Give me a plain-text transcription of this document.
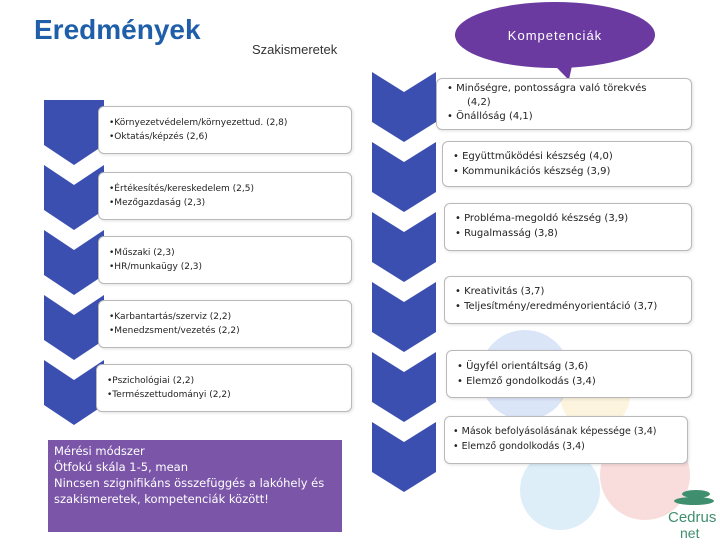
Eredmények
Szakismeretek
Kompetenciák
•Környezetvédelem/környezettud. (2,8)
•Oktatás/képzés (2,6)
•Értékesítés/kereskedelem (2,5)
•Mezőgazdaság (2,3)
•Műszaki (2,3)
•HR/munkaügy (2,3)
•Karbantartás/szerviz (2,2)
•Menedzsment/vezetés (2,2)
•Pszichológiai (2,2)
•Természettudományi (2,2)
• Minőségre, pontosságra való törekvés
(4,2)
• Önállóság (4,1)
• Együttműködési készség (4,0)
• Kommunikációs készség (3,9)
• Probléma-megoldó készség (3,9)
• Rugalmasság (3,8)
• Kreativitás (3,7)
• Teljesítmény/eredményorientáció (3,7)
• Ügyfél orientáltság (3,6)
• Elemző gondolkodás (3,4)
• Mások befolyásolásának képessége (3,4)
• Elemző gondolkodás (3,4)
Mérési módszer
Ötfokú skála 1-5, mean
Nincsen szignifikáns összefüggés a lakóhely és
szakismeretek, kompetenciák között!
Cedrus
net
